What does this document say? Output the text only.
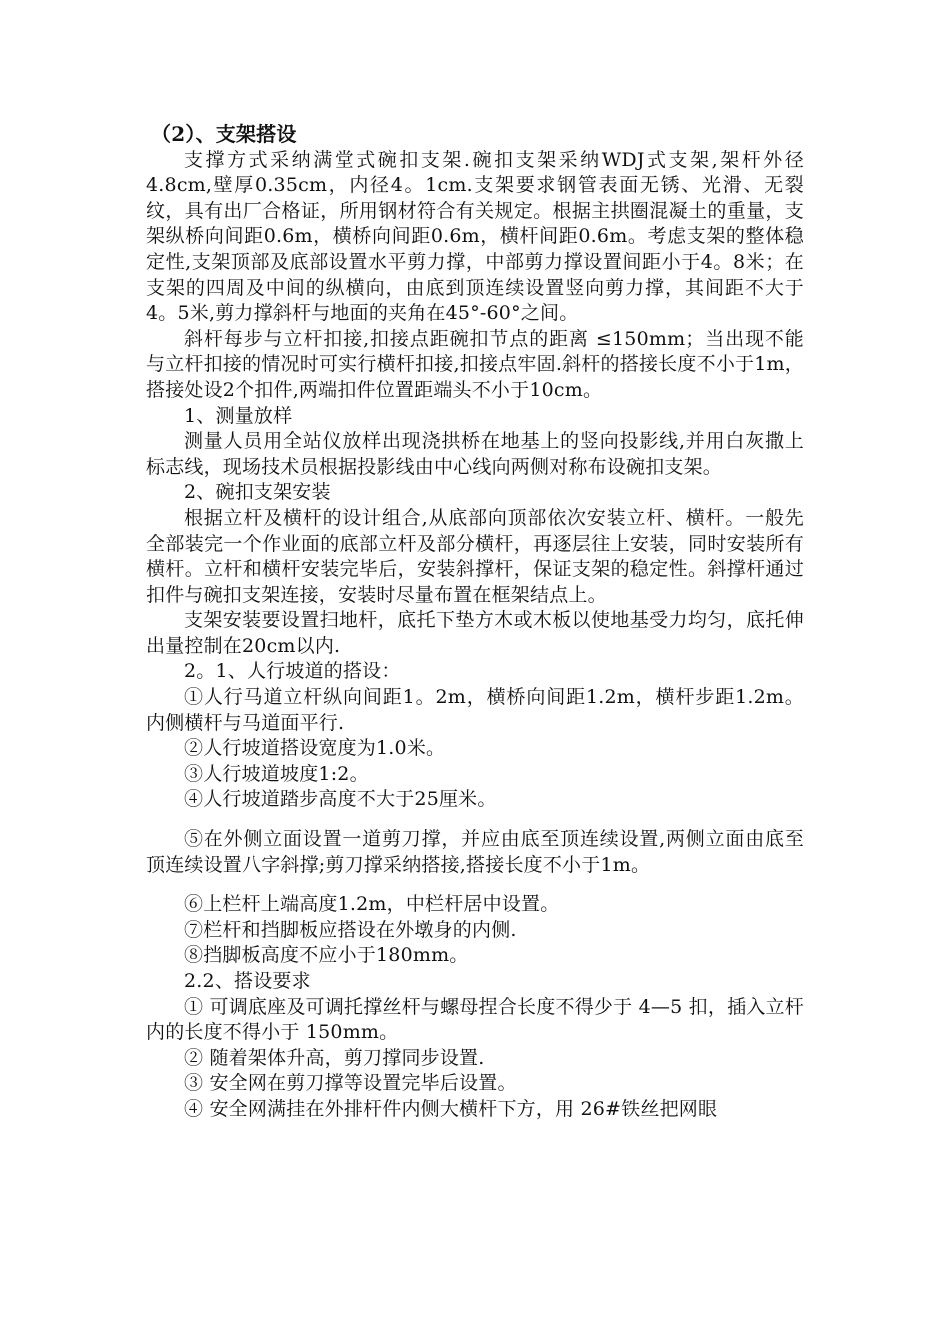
（2）、支架搭设

支撑方式采纳满堂式碗扣支架.碗扣支架采纳WDJ式支架,架杆外径4.8cm,壁厚0.35cm，内径4。1cm.支架要求钢管表面无锈、光滑、无裂纹，具有出厂合格证，所用钢材符合有关规定。根据主拱圈混凝土的重量，支架纵桥向间距0.6m，横桥向间距0.6m，横杆间距0.6m。考虑支架的整体稳定性,支架顶部及底部设置水平剪力撑，中部剪力撑设置间距小于4。8米；在支架的四周及中间的纵横向，由底到顶连续设置竖向剪力撑，其间距不大于4。5米,剪力撑斜杆与地面的夹角在45°-60°之间。

斜杆每步与立杆扣接,扣接点距碗扣节点的距离 ≤150mm；当出现不能与立杆扣接的情况时可实行横杆扣接,扣接点牢固.斜杆的搭接长度不小于1m，搭接处设2个扣件,两端扣件位置距端头不小于10cm。

1、测量放样

测量人员用全站仪放样出现浇拱桥在地基上的竖向投影线,并用白灰撒上标志线，现场技术员根据投影线由中心线向两侧对称布设碗扣支架。

2、碗扣支架安装

根据立杆及横杆的设计组合,从底部向顶部依次安装立杆、横杆。一般先全部装完一个作业面的底部立杆及部分横杆，再逐层往上安装，同时安装所有横杆。立杆和横杆安装完毕后，安装斜撑杆，保证支架的稳定性。斜撑杆通过扣件与碗扣支架连接，安装时尽量布置在框架结点上。

支架安装要设置扫地杆，底托下垫方木或木板以使地基受力均匀，底托伸出量控制在20cm以内.

2。1、人行坡道的搭设：

①人行马道立杆纵向间距1。2m，横桥向间距1.2m，横杆步距1.2m。内侧横杆与马道面平行.

②人行坡道搭设宽度为1.0米。

③人行坡道坡度1:2。

④人行坡道踏步高度不大于25厘米。

⑤在外侧立面设置一道剪刀撑，并应由底至顶连续设置,两侧立面由底至顶连续设置八字斜撑;剪刀撑采纳搭接,搭接长度不小于1m。

⑥上栏杆上端高度1.2m，中栏杆居中设置。

⑦栏杆和挡脚板应搭设在外墩身的内侧.

⑧挡脚板高度不应小于180mm。

2.2、搭设要求

① 可调底座及可调托撑丝杆与螺母捏合长度不得少于 4—5 扣，插入立杆内的长度不得小于 150mm。

② 随着架体升高，剪刀撑同步设置.

③ 安全网在剪刀撑等设置完毕后设置。

④ 安全网满挂在外排杆件内侧大横杆下方，用 26#铁丝把网眼
